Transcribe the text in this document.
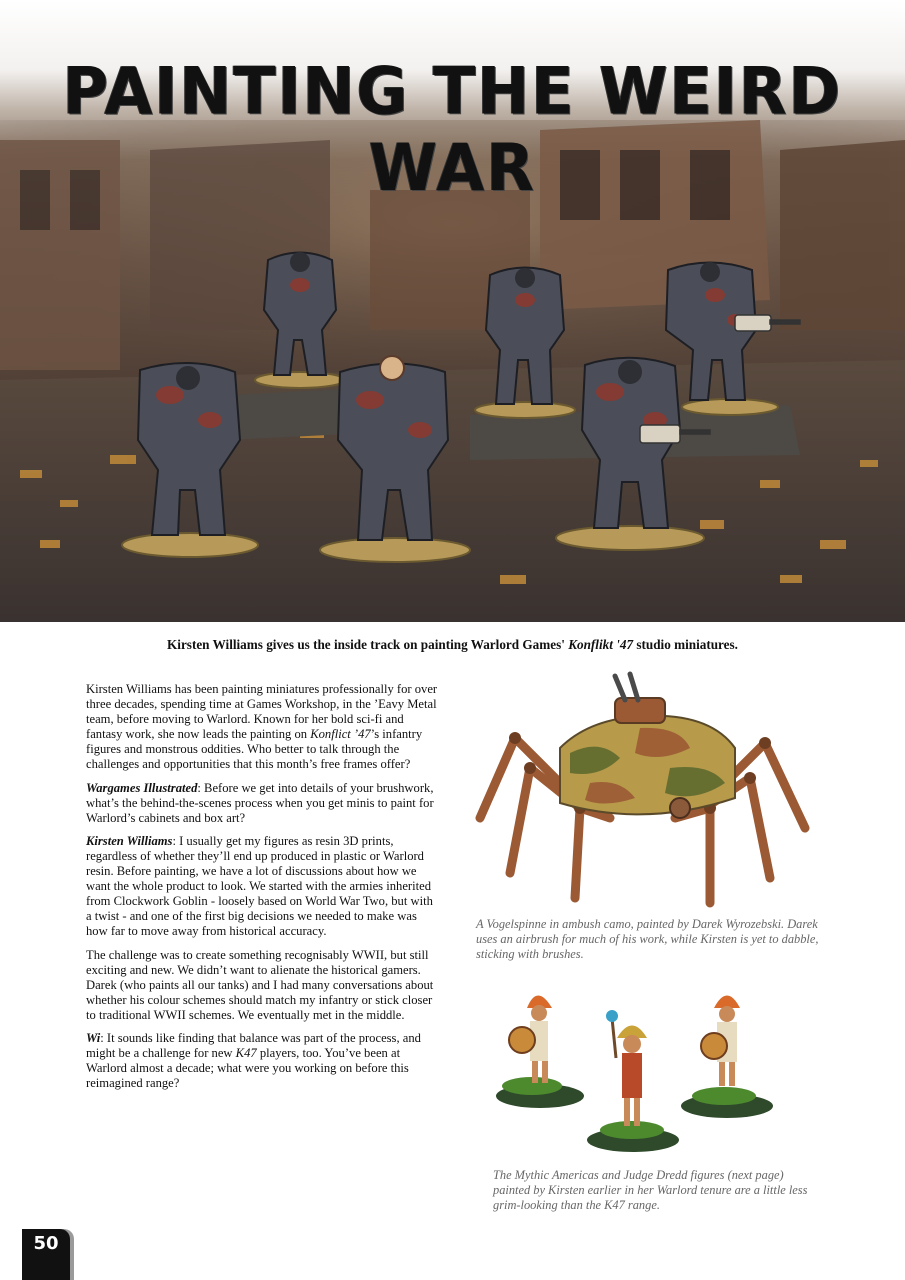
PAINTING THE WEIRD WAR

Kirsten Williams gives us the inside track on painting Warlord Games' Konflikt '47 studio miniatures.

Kirsten Williams has been painting miniatures professionally for over three decades, spending time at Games Workshop, in the ’Eavy Metal team, before moving to Warlord. Known for her bold sci-fi and fantasy work, she now leads the painting on Konflict ’47’s infantry figures and monstrous oddities. Who better to talk through the challenges and opportunities that this month’s free frames offer?

Wargames Illustrated: Before we get into details of your brushwork, what’s the behind-the-scenes process when you get minis to paint for Warlord’s cabinets and box art?

Kirsten Williams: I usually get my figures as resin 3D prints, regardless of whether they’ll end up produced in plastic or Warlord resin. Before painting, we have a lot of discussions about how we want the whole product to look. We started with the armies inherited from Clockwork Goblin - loosely based on World War Two, but with a twist - and one of the first big decisions we needed to make was how far to move away from historical accuracy.

The challenge was to create something recognisably WWII, but still exciting and new. We didn’t want to alienate the historical gamers. Darek (who paints all our tanks) and I had many conversations about whether his colour schemes should match my infantry or stick closer to traditional WWII schemes. We eventually met in the middle.

Wi: It sounds like finding that balance was part of the process, and might be a challenge for new K47 players, too. You’ve been at Warlord almost a decade; what were you working on before this reimagined range?

A Vogelspinne in ambush camo, painted by Darek Wyrozebski. Darek uses an airbrush for much of his work, while Kirsten is yet to dabble, sticking with brushes.

The Mythic Americas and Judge Dredd figures (next page) painted by Kirsten earlier in her Warlord tenure are a little less grim-looking than the K47 range.

50
